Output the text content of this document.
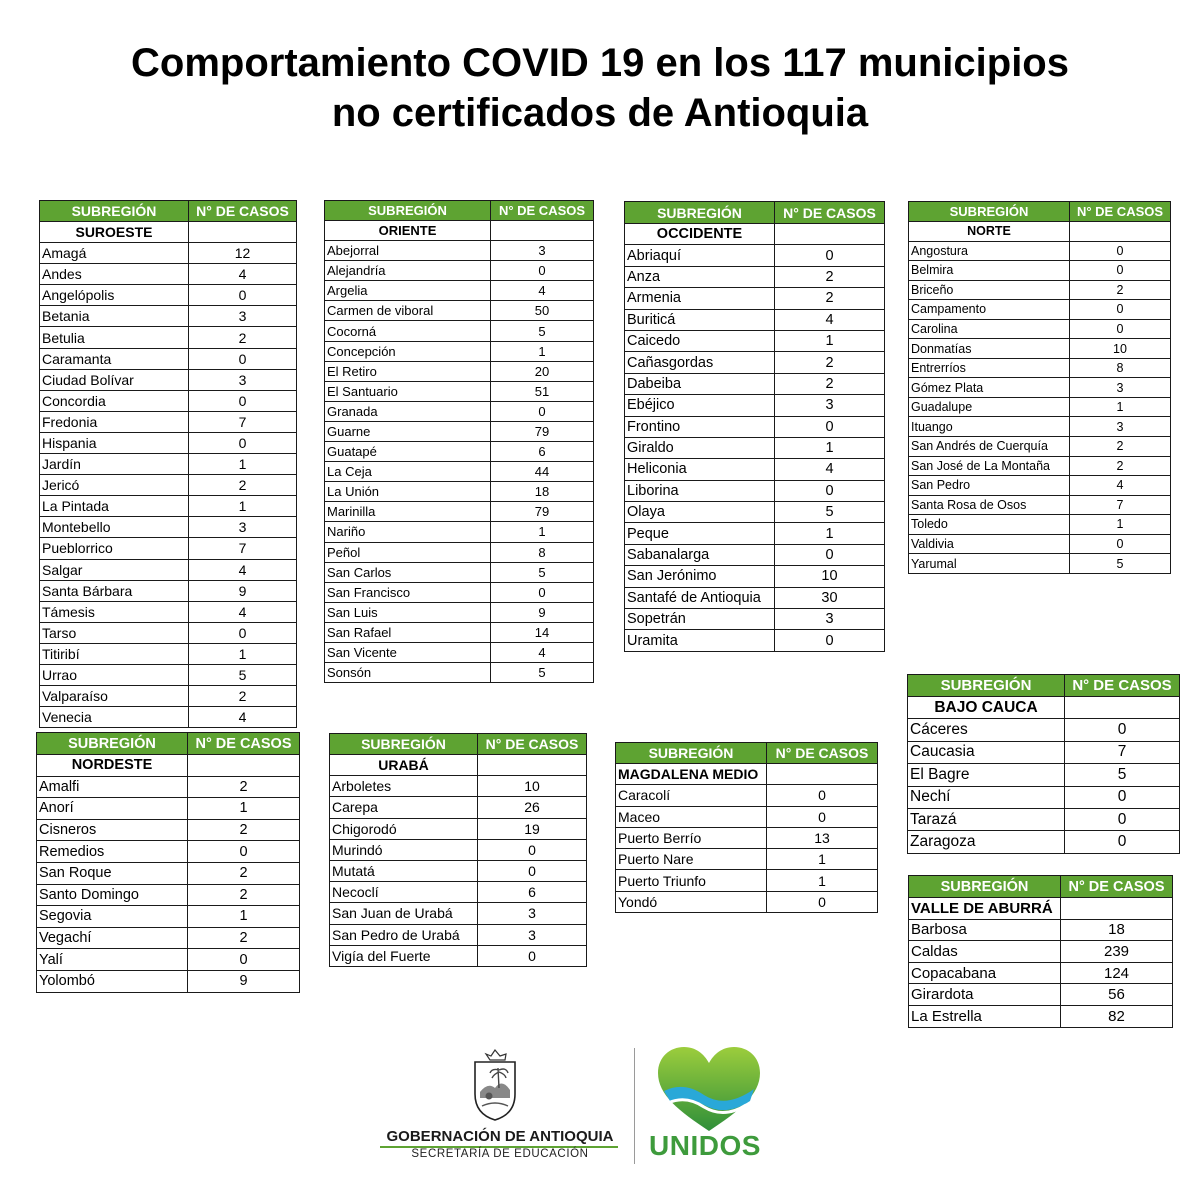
Comportamiento COVID 19 en los 117 municipios
no certificados de Antioquia
SUBREGIÓN	N° DE CASOS
SUROESTE	
Amagá	12
Andes	4
Angelópolis	0
Betania	3
Betulia	2
Caramanta	0
Ciudad Bolívar	3
Concordia	0
Fredonia	7
Hispania	0
Jardín	1
Jericó	2
La Pintada	1
Montebello	3
Pueblorrico	7
Salgar	4
Santa Bárbara	9
Támesis	4
Tarso	0
Titiribí	1
Urrao	5
Valparaíso	2
Venecia	4
SUBREGIÓN	N° DE CASOS
ORIENTE	
Abejorral	3
Alejandría	0
Argelia	4
Carmen de viboral	50
Cocorná	5
Concepción	1
El Retiro	20
El Santuario	51
Granada	0
Guarne	79
Guatapé	6
La Ceja	44
La Unión	18
Marinilla	79
Nariño	1
Peñol	8
San Carlos	5
San Francisco	0
San Luis	9
San Rafael	14
San Vicente	4
Sonsón	5
SUBREGIÓN	N° DE CASOS
OCCIDENTE	
Abriaquí	0
Anza	2
Armenia	2
Buriticá	4
Caicedo	1
Cañasgordas	2
Dabeiba	2
Ebéjico	3
Frontino	0
Giraldo	1
Heliconia	4
Liborina	0
Olaya	5
Peque	1
Sabanalarga	0
San Jerónimo	10
Santafé de Antioquia	30
Sopetrán	3
Uramita	0
SUBREGIÓN	N° DE CASOS
NORTE	
Angostura	0
Belmira	0
Briceño	2
Campamento	0
Carolina	0
Donmatías	10
Entrerríos	8
Gómez Plata	3
Guadalupe	1
Ituango	3
San Andrés de Cuerquía	2
San José de La Montaña	2
San Pedro	4
Santa Rosa de Osos	7
Toledo	1
Valdivia	0
Yarumal	5
SUBREGIÓN	N° DE CASOS
BAJO CAUCA	
Cáceres	0
Caucasia	7
El Bagre	5
Nechí	0
Tarazá	0
Zaragoza	0
SUBREGIÓN	N° DE CASOS
NORDESTE	
Amalfi	2
Anorí	1
Cisneros	2
Remedios	0
San Roque	2
Santo Domingo	2
Segovia	1
Vegachí	2
Yalí	0
Yolombó	9
SUBREGIÓN	N° DE CASOS
URABÁ	
Arboletes	10
Carepa	26
Chigorodó	19
Murindó	0
Mutatá	0
Necoclí	6
San Juan de Urabá	3
San Pedro de Urabá	3
Vigía del Fuerte	0
SUBREGIÓN	N° DE CASOS
MAGDALENA MEDIO	
Caracolí	0
Maceo	0
Puerto Berrío	13
Puerto Nare	1
Puerto Triunfo	1
Yondó	0
SUBREGIÓN	N° DE CASOS
VALLE DE ABURRÁ	
Barbosa	18
Caldas	239
Copacabana	124
Girardota	56
La Estrella	82
GOBERNACIÓN DE ANTIOQUIA
SECRETARÍA DE EDUCACIÓN	UNIDOS
